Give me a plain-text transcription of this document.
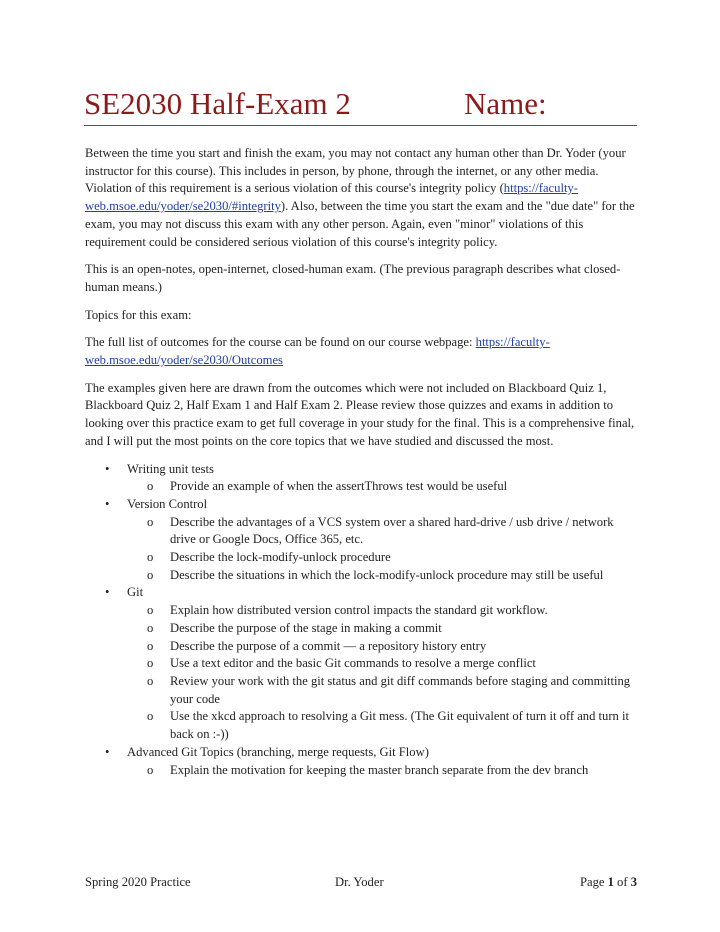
SE2030 Half-Exam 2	Name:

Between the time you start and finish the exam, you may not contact any human other than Dr. Yoder (your instructor for this course). This includes in person, by phone, through the internet, or any other media. Violation of this requirement is a serious violation of this course's integrity policy (https://faculty-web.msoe.edu/yoder/se2030/#integrity). Also, between the time you start the exam and the "due date" for the exam, you may not discuss this exam with any other person. Again, even "minor" violations of this requirement could be considered serious violation of this course's integrity policy.

This is an open-notes, open-internet, closed-human exam. (The previous paragraph describes what closed-human means.)

Topics for this exam:

The full list of outcomes for the course can be found on our course webpage: https://faculty-web.msoe.edu/yoder/se2030/Outcomes

The examples given here are drawn from the outcomes which were not included on Blackboard Quiz 1, Blackboard Quiz 2, Half Exam 1 and Half Exam 2. Please review those quizzes and exams in addition to looking over this practice exam to get full coverage in your study for the final. This is a comprehensive final, and I will put the most points on the core topics that we have studied and discussed the most.

• Writing unit tests
o Provide an example of when the assertThrows test would be useful
• Version Control
o Describe the advantages of a VCS system over a shared hard-drive / usb drive / network drive or Google Docs, Office 365, etc.
o Describe the lock-modify-unlock procedure
o Describe the situations in which the lock-modify-unlock procedure may still be useful
• Git
o Explain how distributed version control impacts the standard git workflow.
o Describe the purpose of the stage in making a commit
o Describe the purpose of a commit — a repository history entry
o Use a text editor and the basic Git commands to resolve a merge conflict
o Review your work with the git status and git diff commands before staging and committing your code
o Use the xkcd approach to resolving a Git mess. (The Git equivalent of turn it off and turn it back on :-))
• Advanced Git Topics (branching, merge requests, Git Flow)
o Explain the motivation for keeping the master branch separate from the dev branch
Spring 2020 Practice	Dr. Yoder	Page 1 of 3
